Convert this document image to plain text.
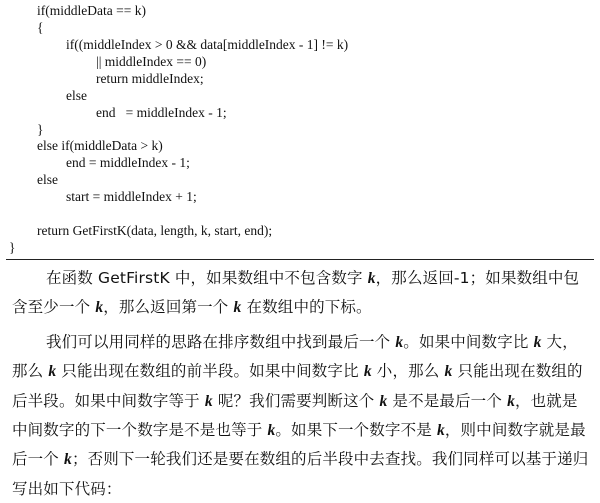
if(middleData == k)
{
if((middleIndex > 0 && data[middleIndex - 1] != k)
|| middleIndex == 0)
return middleIndex;
else
end   = middleIndex - 1;
}
else if(middleData > k)
end = middleIndex - 1;
else
start = middleIndex + 1;
return GetFirstK(data, length, k, start, end);
}

在函数 GetFirstK 中，如果数组中不包含数字 k，那么返回-1；如果数组中包含至少一个 k，那么返回第一个 k 在数组中的下标。

我们可以用同样的思路在排序数组中找到最后一个 k。如果中间数字比 k 大，那么 k 只能出现在数组的前半段。如果中间数字比 k 小，那么 k 只能出现在数组的后半段。如果中间数字等于 k 呢？我们需要判断这个 k 是不是最后一个 k，也就是中间数字的下一个数字是不是也等于 k。如果下一个数字不是 k，则中间数字就是最后一个 k；否则下一轮我们还是要在数组的后半段中去查找。我们同样可以基于递归写出如下代码：
